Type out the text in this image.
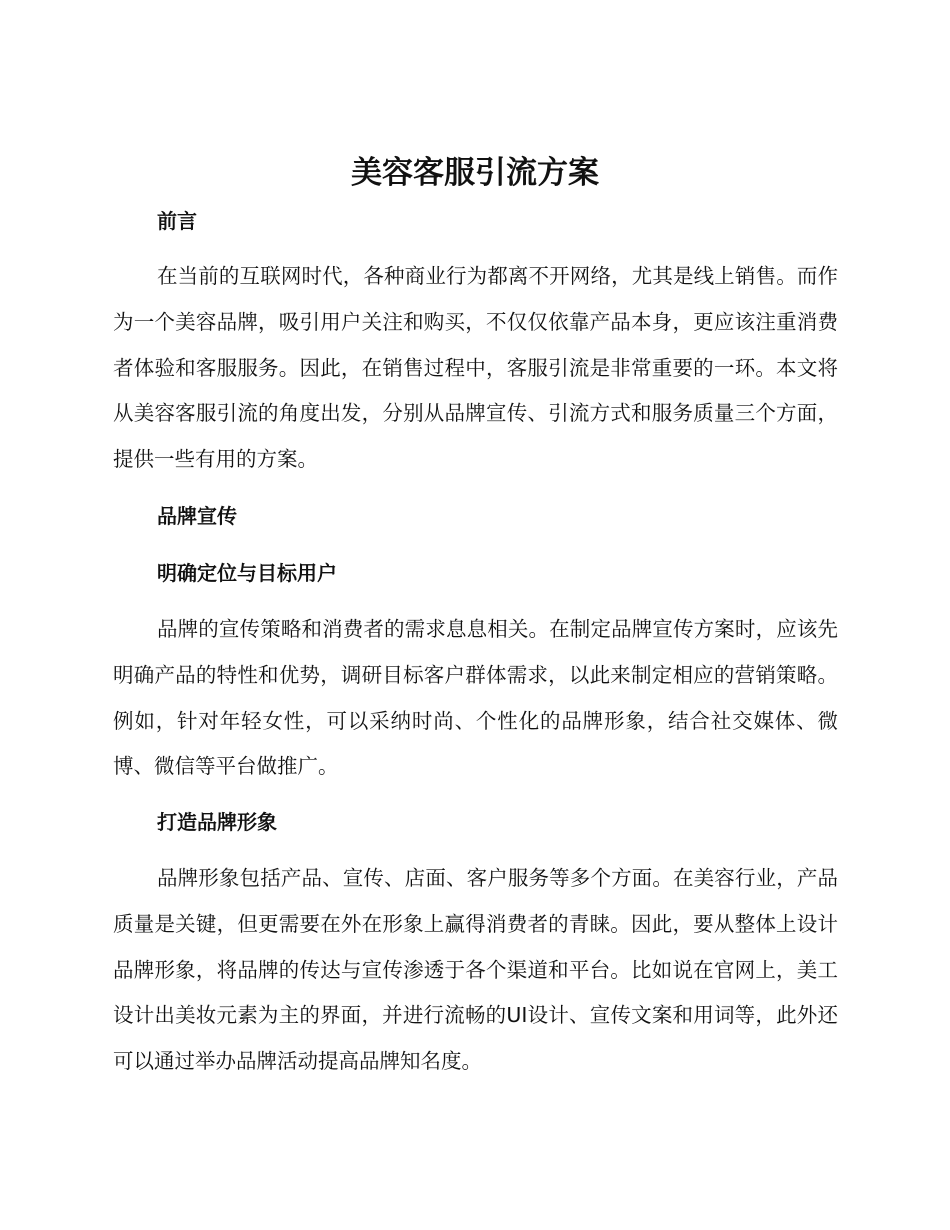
美容客服引流方案
前言

在当前的互联网时代，各种商业行为都离不开网络，尤其是线上销售。而作为一个美容品牌，吸引用户关注和购买，不仅仅依靠产品本身，更应该注重消费者体验和客服服务。因此，在销售过程中，客服引流是非常重要的一环。本文将从美容客服引流的角度出发，分别从品牌宣传、引流方式和服务质量三个方面，提供一些有用的方案。

品牌宣传
明确定位与目标用户

品牌的宣传策略和消费者的需求息息相关。在制定品牌宣传方案时，应该先明确产品的特性和优势，调研目标客户群体需求，以此来制定相应的营销策略。例如，针对年轻女性，可以采纳时尚、个性化的品牌形象，结合社交媒体、微博、微信等平台做推广。

打造品牌形象

品牌形象包括产品、宣传、店面、客户服务等多个方面。在美容行业，产品质量是关键，但更需要在外在形象上赢得消费者的青睐。因此，要从整体上设计品牌形象，将品牌的传达与宣传渗透于各个渠道和平台。比如说在官网上，美工设计出美妆元素为主的界面，并进行流畅的UI设计、宣传文案和用词等，此外还可以通过举办品牌活动提高品牌知名度。
